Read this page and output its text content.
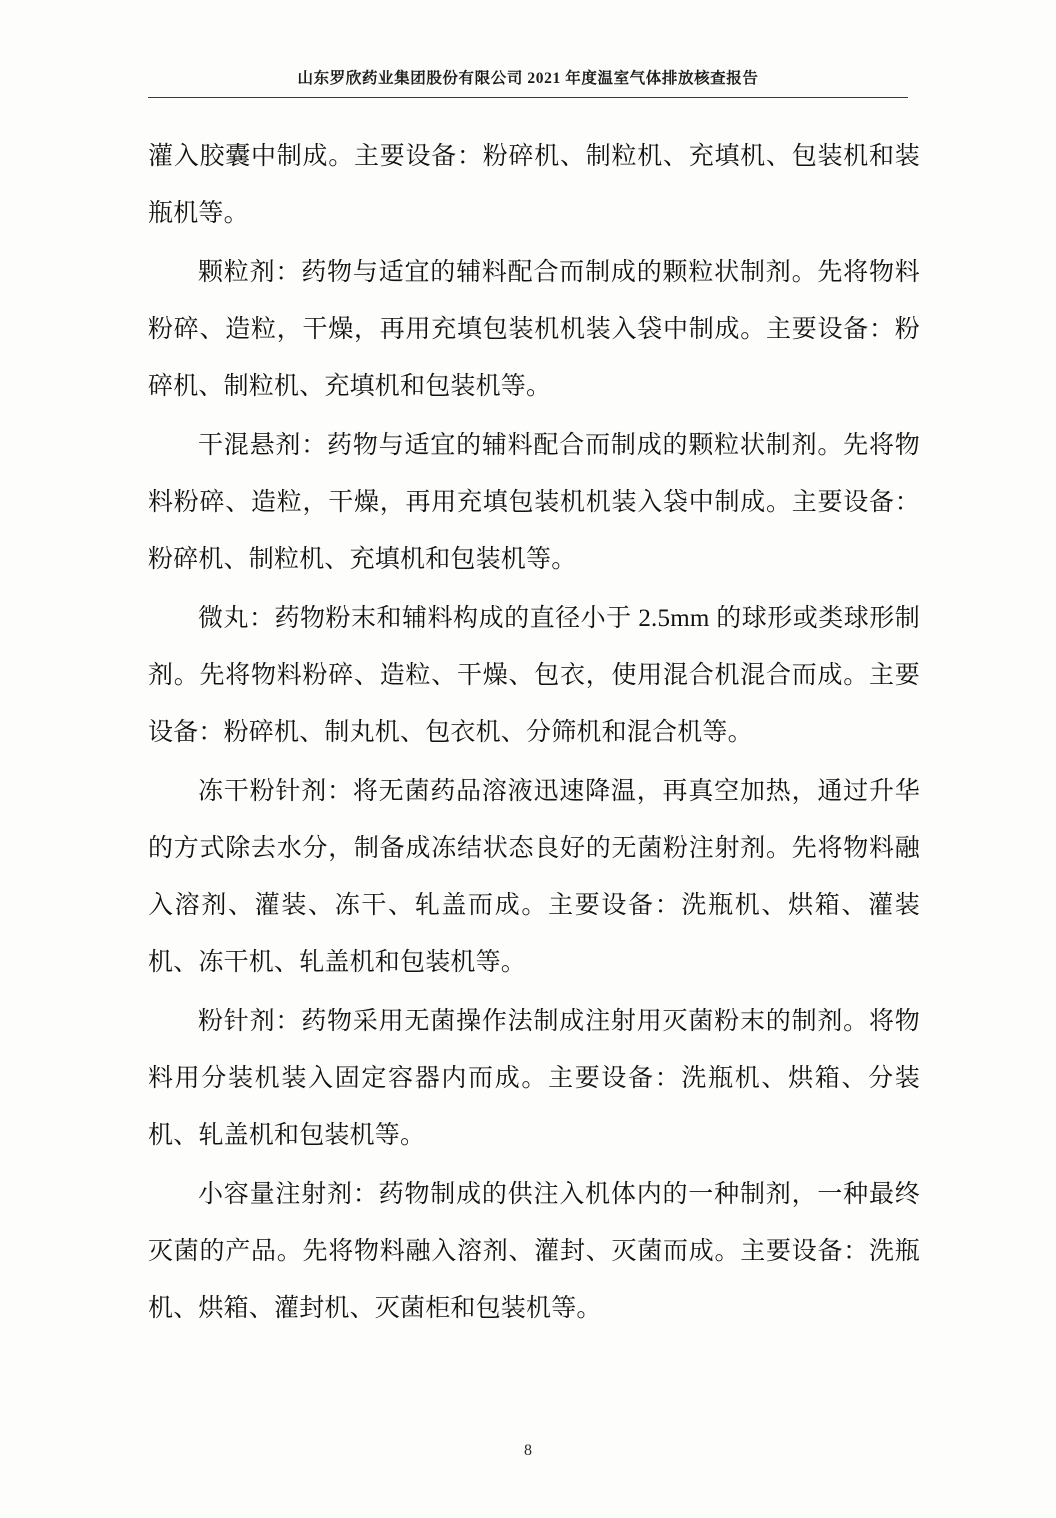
山东罗欣药业集团股份有限公司 2021 年度温室气体排放核查报告

灌入胶囊中制成。主要设备：粉碎机、制粒机、充填机、包装机和装瓶机等。

颗粒剂：药物与适宜的辅料配合而制成的颗粒状制剂。先将物料粉碎、造粒，干燥，再用充填包装机机装入袋中制成。主要设备：粉碎机、制粒机、充填机和包装机等。

干混悬剂：药物与适宜的辅料配合而制成的颗粒状制剂。先将物料粉碎、造粒，干燥，再用充填包装机机装入袋中制成。主要设备：粉碎机、制粒机、充填机和包装机等。

微丸：药物粉末和辅料构成的直径小于 2.5mm 的球形或类球形制剂。先将物料粉碎、造粒、干燥、包衣，使用混合机混合而成。主要设备：粉碎机、制丸机、包衣机、分筛机和混合机等。

冻干粉针剂：将无菌药品溶液迅速降温，再真空加热，通过升华的方式除去水分，制备成冻结状态良好的无菌粉注射剂。先将物料融入溶剂、灌装、冻干、轧盖而成。主要设备：洗瓶机、烘箱、灌装机、冻干机、轧盖机和包装机等。

粉针剂：药物采用无菌操作法制成注射用灭菌粉末的制剂。将物料用分装机装入固定容器内而成。主要设备：洗瓶机、烘箱、分装机、轧盖机和包装机等。

小容量注射剂：药物制成的供注入机体内的一种制剂，一种最终灭菌的产品。先将物料融入溶剂、灌封、灭菌而成。主要设备：洗瓶机、烘箱、灌封机、灭菌柜和包装机等。

8
